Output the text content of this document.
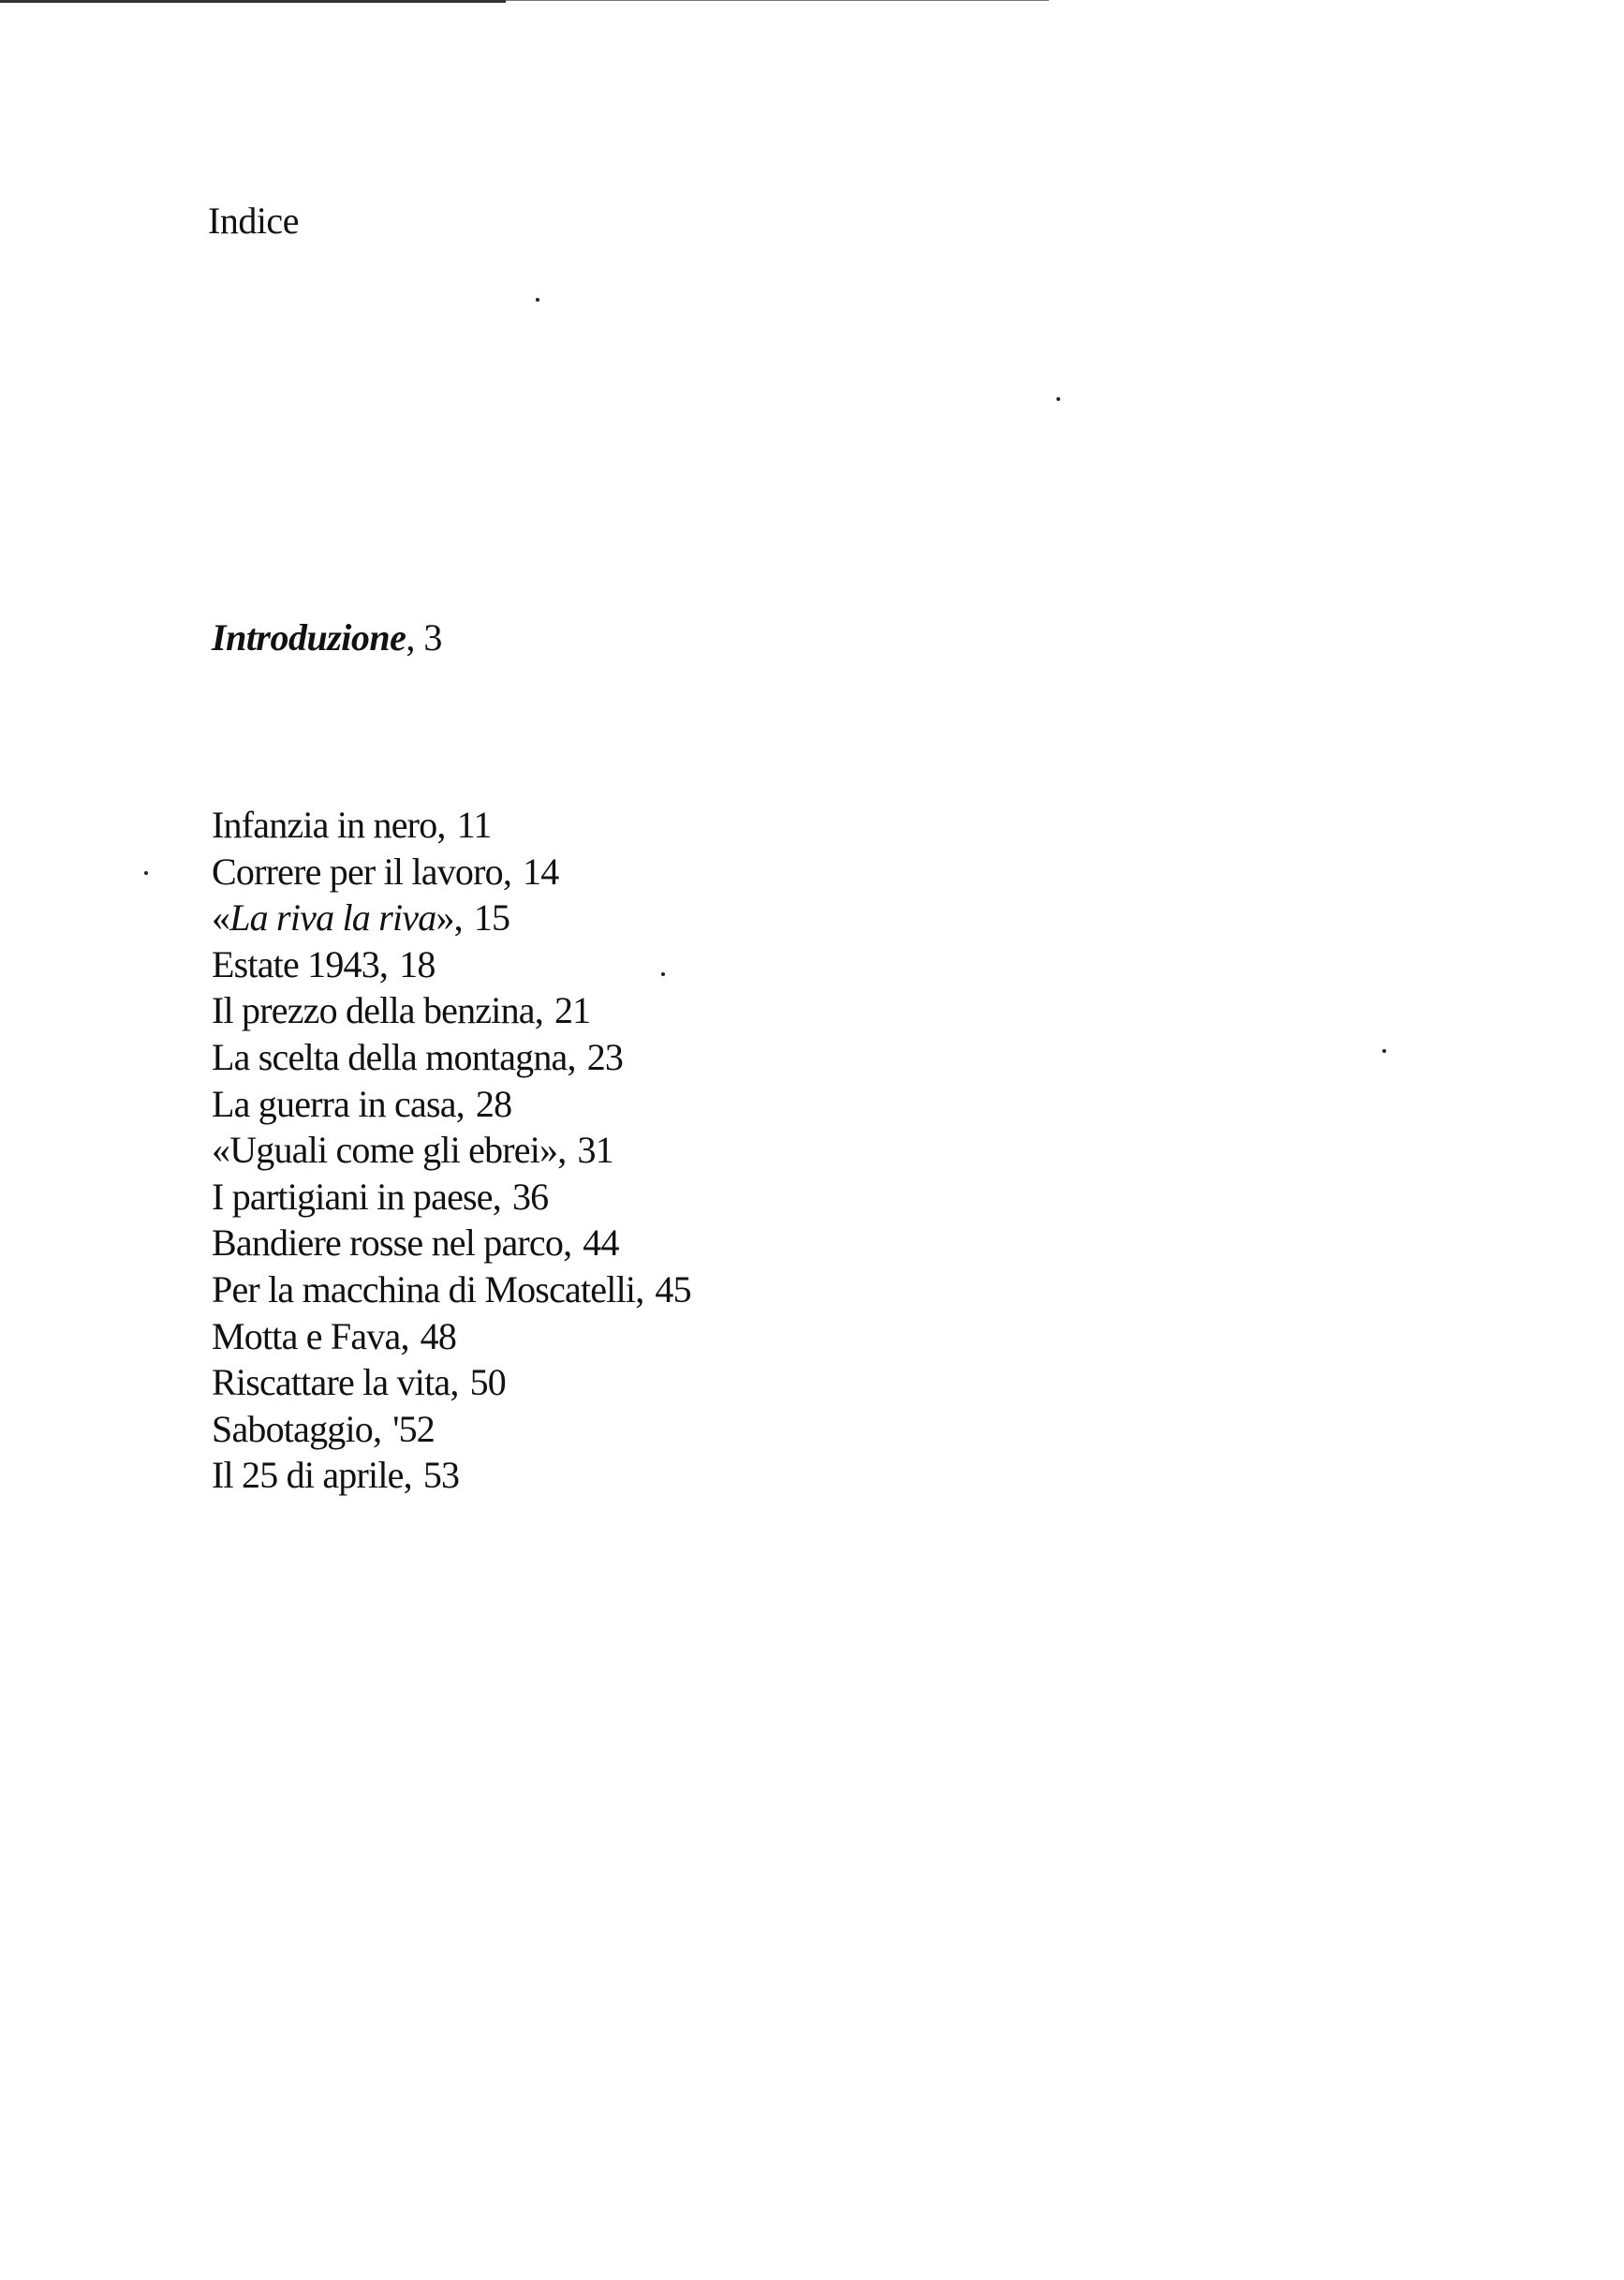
Indice

Introduzione, 3

Infanzia in nero, 11
Correre per il lavoro, 14
«La riva la riva», 15
Estate 1943, 18
Il prezzo della benzina, 21
La scelta della montagna, 23
La guerra in casa, 28
«Uguali come gli ebrei», 31
I partigiani in paese, 36
Bandiere rosse nel parco, 44
Per la macchina di Moscatelli, 45
Motta e Fava, 48
Riscattare la vita, 50
Sabotaggio, '52
Il 25 di aprile, 53
